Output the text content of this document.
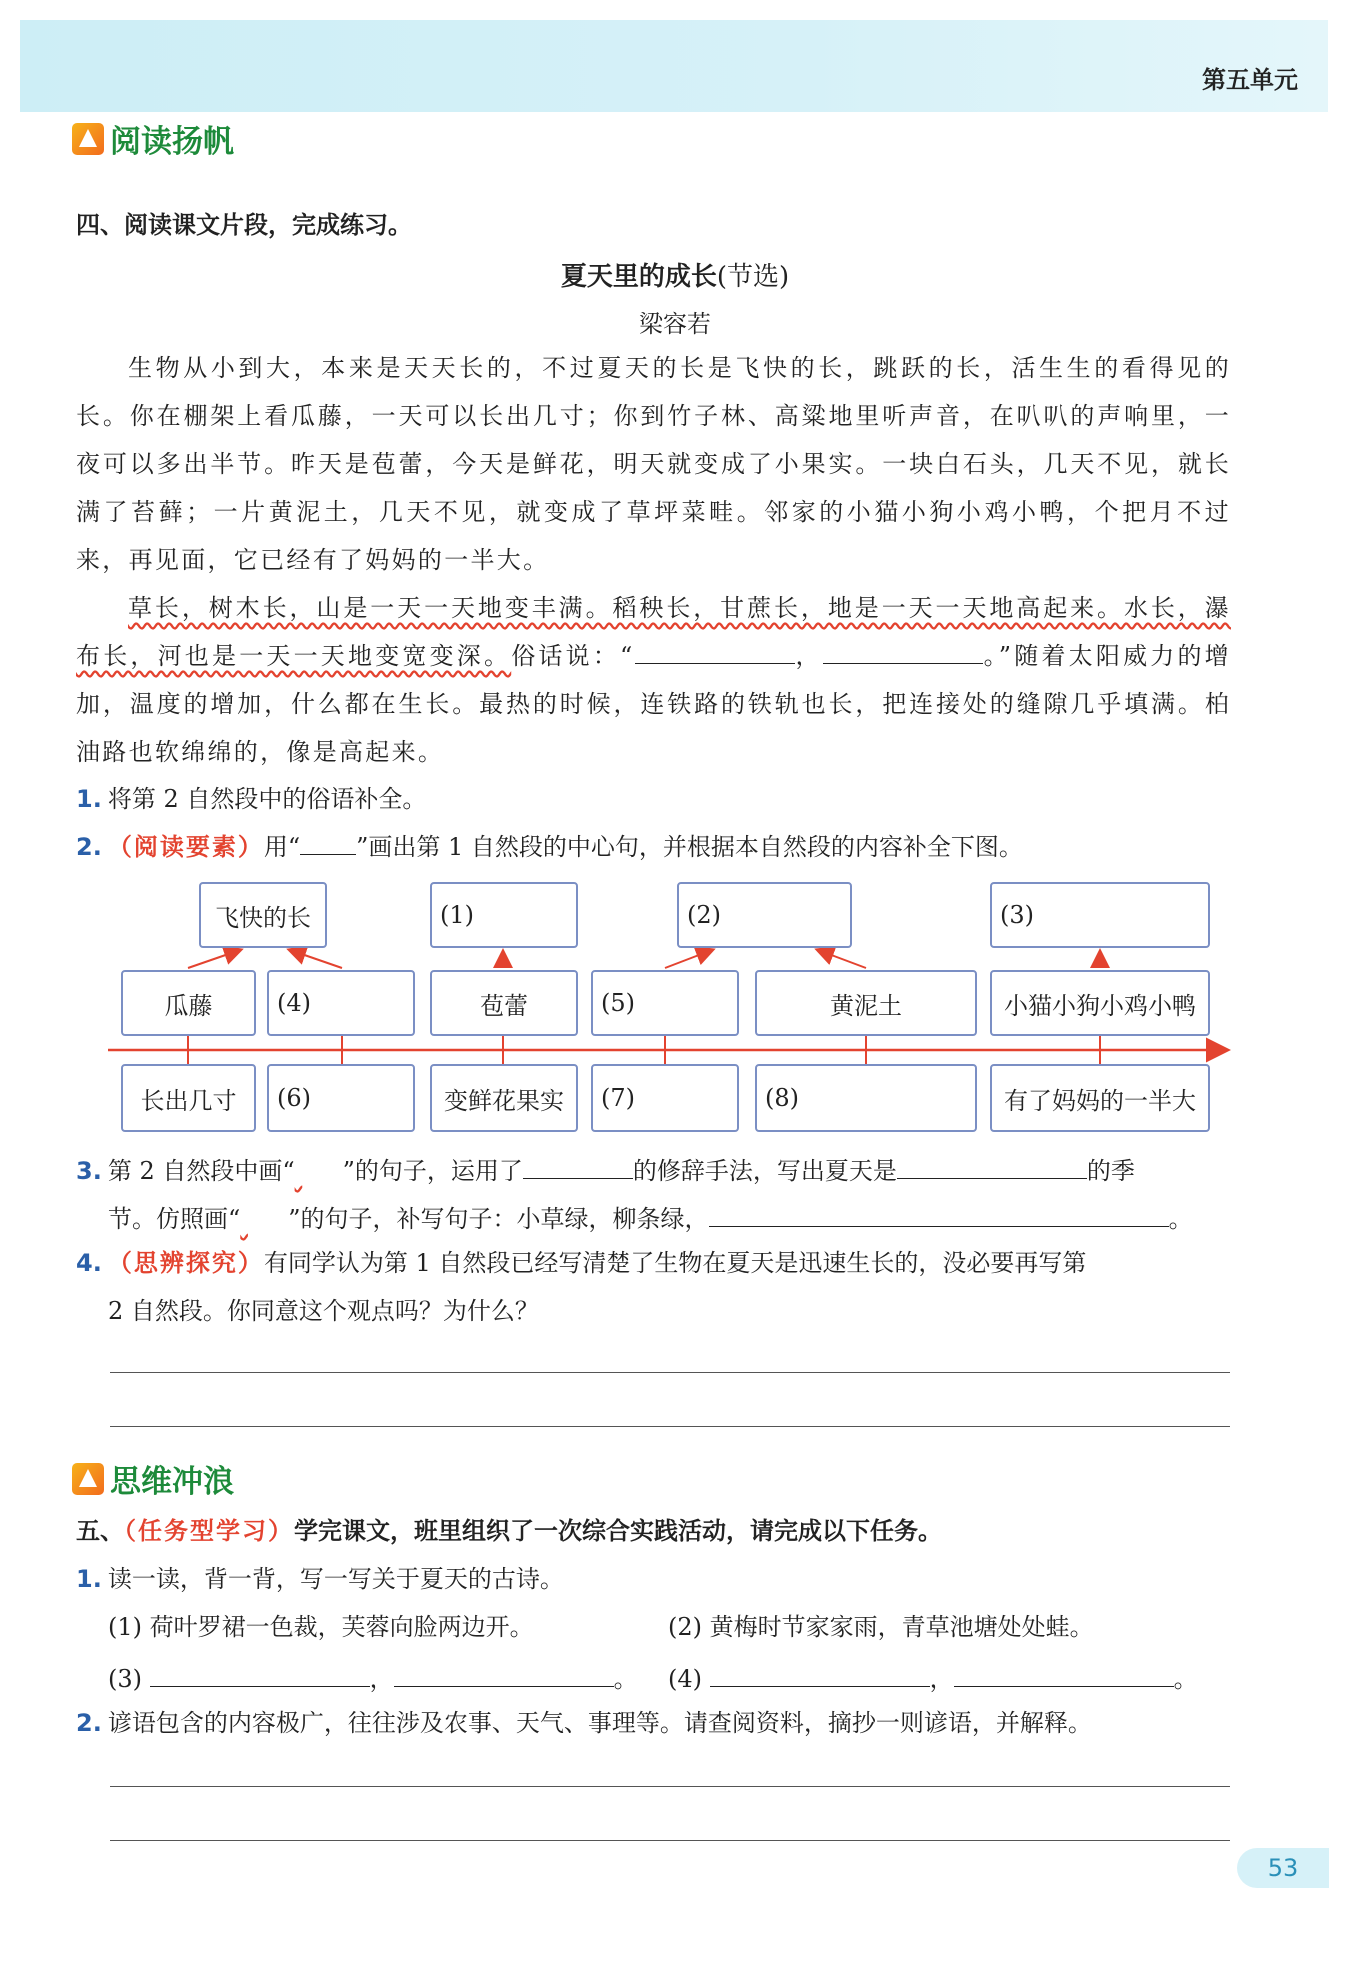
第五单元
阅读扬帆
四、阅读课文片段，完成练习。
夏天里的成长(节选)
梁容若
生物从小到大，本来是天天长的，不过夏天的长是飞快的长，跳跃的长，活生生的看得见的长。你在棚架上看瓜藤，一天可以长出几寸；你到竹子林、高粱地里听声音，在叭叭的声响里，一夜可以多出半节。昨天是苞蕾，今天是鲜花，明天就变成了小果实。一块白石头，几天不见，就长满了苔藓；一片黄泥土，几天不见，就变成了草坪菜畦。邻家的小猫小狗小鸡小鸭，个把月不过来，再见面，它已经有了妈妈的一半大。
草长，树木长，山是一天一天地变丰满。稻秧长，甘蔗长，地是一天一天地高起来。水长，瀑布长，河也是一天一天地变宽变深。俗话说：“	，	。”随着太阳威力的增加，温度的增加，什么都在生长。最热的时候，连铁路的铁轨也长，把连接处的缝隙几乎填满。柏油路也软绵绵的，像是高起来。
1. 将第 2 自然段中的俗语补全。
2. （阅读要素）用“ ”画出第 1 自然段的中心句，并根据本自然段的内容补全下图。
飞快的长	(1)	(2)	(3)
瓜藤	(4)	苞蕾	(5)	黄泥土	小猫小狗小鸡小鸭
长出几寸	(6)	变鲜花果实	(7)	(8)	有了妈妈的一半大
3. 第 2 自然段中画“ ”的句子，运用了	的修辞手法，写出夏天是	的季
节。仿照画“ ”的句子，补写句子：小草绿，柳条绿，	。
4. （思辨探究）有同学认为第 1 自然段已经写清楚了生物在夏天是迅速生长的，没必要再写第
2 自然段。你同意这个观点吗？为什么？
思维冲浪
五、（任务型学习）学完课文，班里组织了一次综合实践活动，请完成以下任务。
1. 读一读，背一背，写一写关于夏天的古诗。
(1) 荷叶罗裙一色裁，芙蓉向脸两边开。	(2) 黄梅时节家家雨，青草池塘处处蛙。
(3)	，	。 (4)	，	。
2. 谚语包含的内容极广，往往涉及农事、天气、事理等。请查阅资料，摘抄一则谚语，并解释。
53
